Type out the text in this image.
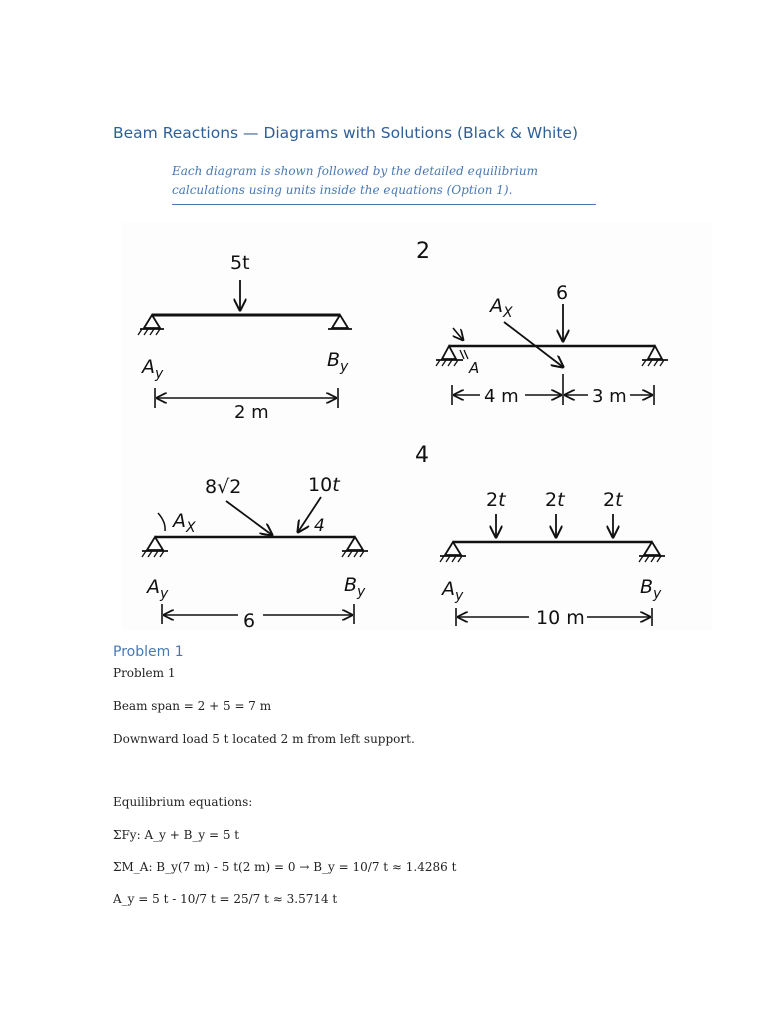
Beam Reactions — Diagrams with Solutions (Black & White)
Each diagram is shown followed by the detailed equilibrium calculations using units inside the equations (Option 1).
5t
$A_y$
$B_y$
2 m
2
6
$A_X$
A
4 m	3 m
$A_X$
8√2	10t
4
$A_y$	$B_y$
6
4
2t 2t 2t
$A_y$	$B_y$
10 m
Problem 1
Problem 1
Beam span = 2 + 5 = 7 m
Downward load 5 t located 2 m from left support.
Equilibrium equations:
ΣFy: A_y + B_y = 5 t
ΣM_A: B_y(7 m) - 5 t(2 m) = 0 → B_y = 10/7 t ≈ 1.4286 t
A_y = 5 t - 10/7 t = 25/7 t ≈ 3.5714 t
